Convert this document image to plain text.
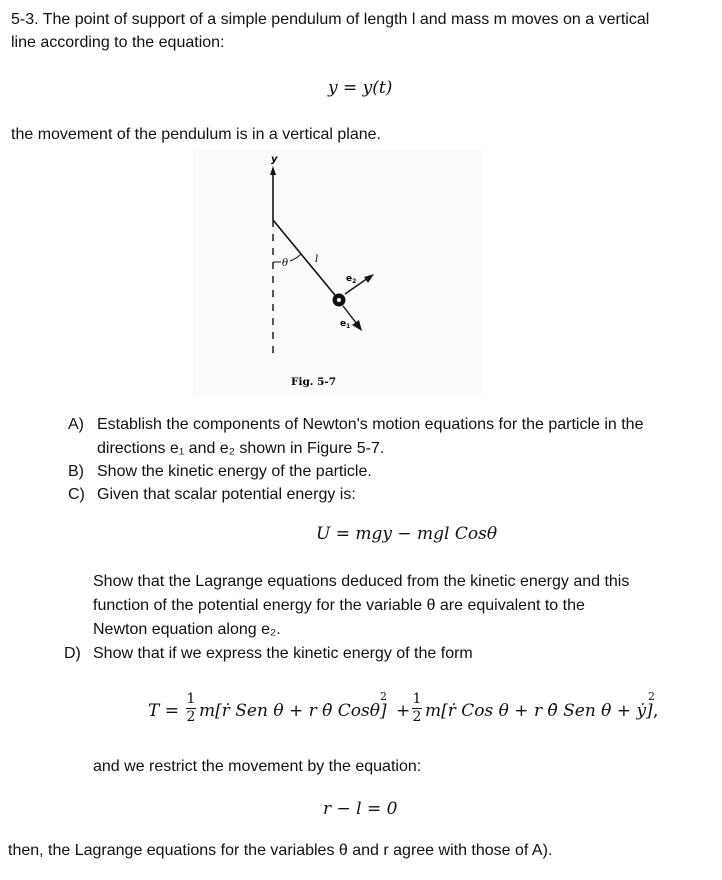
5-3. The point of support of a simple pendulum of length l and mass m moves on a vertical

line according to the equation:

y = y(t)

the movement of the pendulum is in a vertical plane.

y
θ	l
$e_2$
$e_1$
Fig. 5-7
A) Establish the components of Newton's motion equations for the particle in the
directions e₁ and e₂ shown in Figure 5-7.
B) Show the kinetic energy of the particle.
C) Given that scalar potential energy is:
U = mgy − mgl Cosθ

Show that the Lagrange equations deduced from the kinetic energy and this

function of the potential energy for the variable θ are equivalent to the

Newton equation along e₂.

D) Show that if we express the kinetic energy of the form
T =
1
2 m[ṙ Sen θ + r θ̇ Cosθ]
2
+
1
2 m[ṙ Cos θ + r θ̇ Sen θ + ẏ]
2
,

and we restrict the movement by the equation:

r − l = 0

then, the Lagrange equations for the variables θ and r agree with those of A).
